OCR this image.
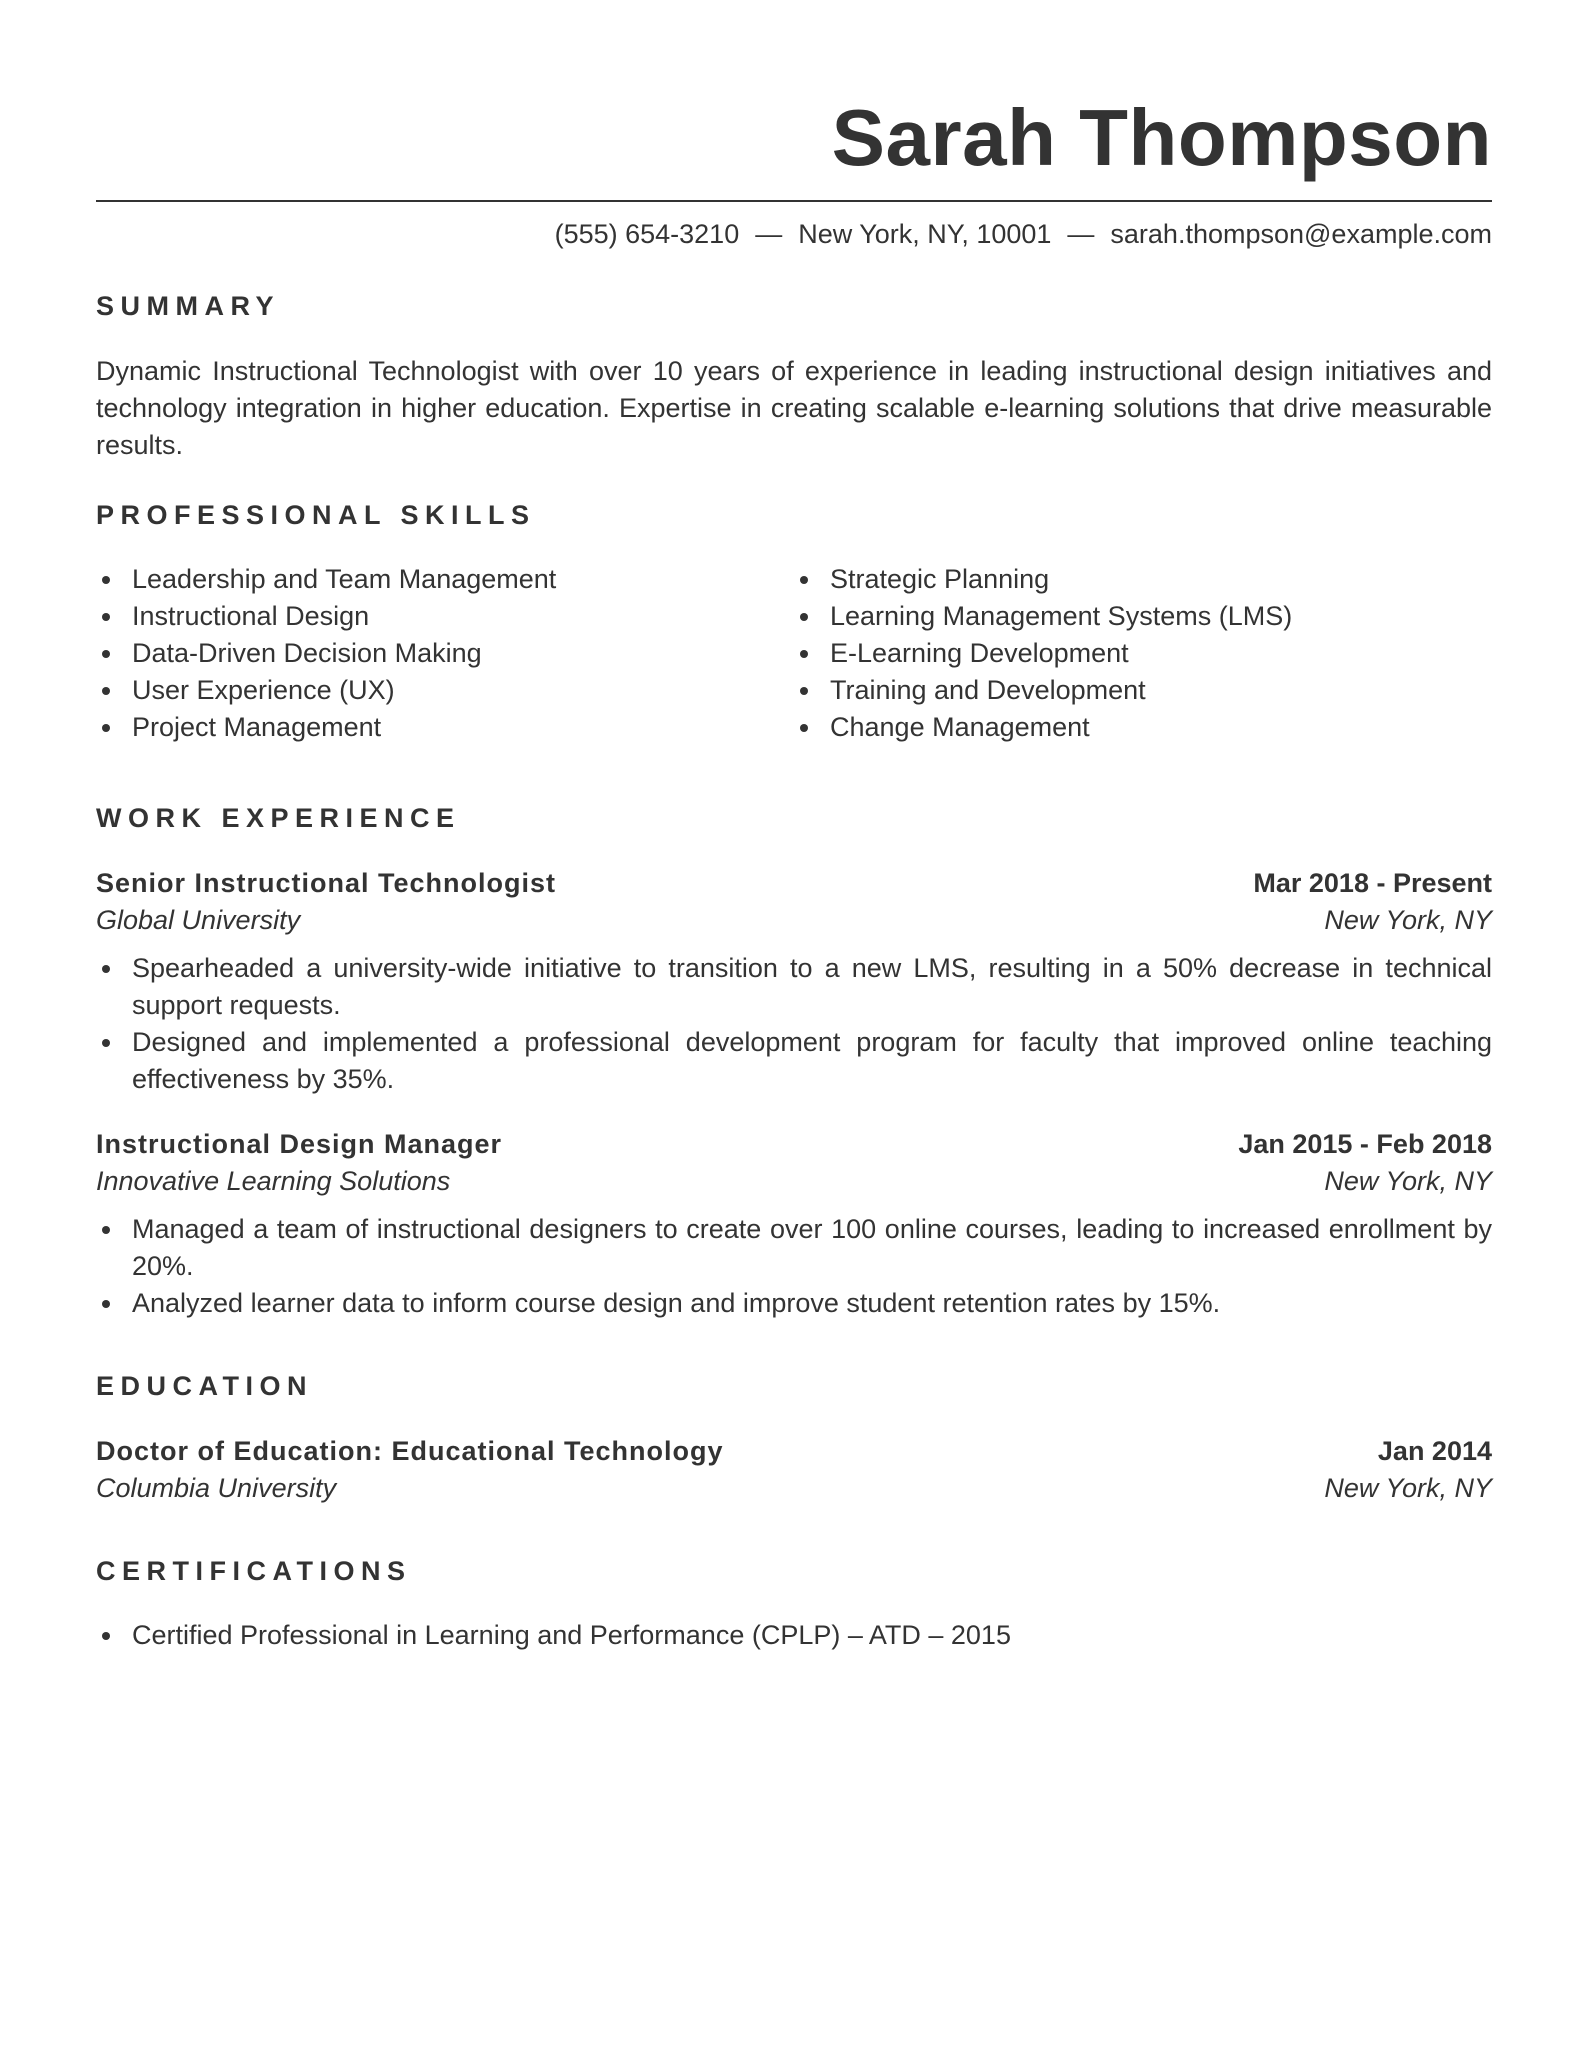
Sarah Thompson
(555) 654-3210 — New York, NY, 10001 — sarah.thompson@example.com
SUMMARY

Dynamic Instructional Technologist with over 10 years of experience in leading instructional design initiatives and technology integration in higher education. Expertise in creating scalable e-learning solutions that drive measurable results.

PROFESSIONAL SKILLS
Leadership and Team Management
Instructional Design
Data-Driven Decision Making
User Experience (UX)
Project Management
Strategic Planning
Learning Management Systems (LMS)
E-Learning Development
Training and Development
Change Management
WORK EXPERIENCE
Senior Instructional Technologist	Mar 2018 - Present
Global University	New York, NY
Spearheaded a university-wide initiative to transition to a new LMS, resulting in a 50% decrease in technical support requests.
Designed and implemented a professional development program for faculty that improved online teaching effectiveness by 35%.
Instructional Design Manager	Jan 2015 - Feb 2018
Innovative Learning Solutions	New York, NY
Managed a team of instructional designers to create over 100 online courses, leading to increased enrollment by 20%.
Analyzed learner data to inform course design and improve student retention rates by 15%.
EDUCATION
Doctor of Education: Educational Technology	Jan 2014
Columbia University	New York, NY
CERTIFICATIONS
Certified Professional in Learning and Performance (CPLP) – ATD – 2015
